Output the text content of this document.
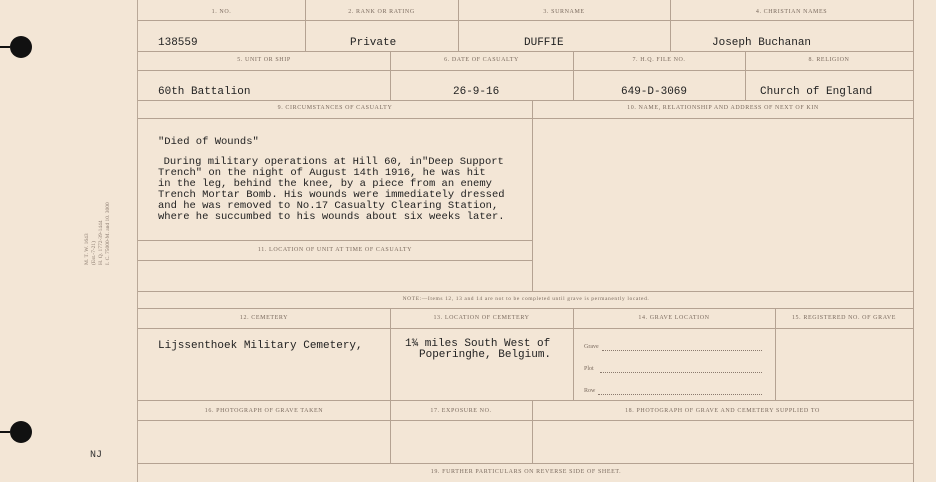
1. NO.	2. RANK OR RATING	3. SURNAME	4. CHRISTIAN NAMES
138559	Private	DUFFIE	Joseph Buchanan
5. UNIT OR SHIP	6. DATE OF CASUALTY	7. H.Q. FILE NO.	8. RELIGION
60th Battalion	26-9-16	649-D-3069	Church of England
9. CIRCUMSTANCES OF CASUALTY	10. NAME, RELATIONSHIP AND ADDRESS OF NEXT OF KIN
"Died of Wounds"
During military operations at Hill 60, in"Deep Support
Trench" on the night of August 14th 1916, he was hit
in the leg, behind the knee, by a piece from an enemy
Trench Mortar Bomb. His wounds were immediately dressed
and he was removed to No.17 Casualty Clearing Station,
where he succumbed to his wounds about six weeks later.
11. LOCATION OF UNIT AT TIME OF CASUALTY
NOTE:—Items 12, 13 and 14 are not to be completed until grave is permanently located.
12. CEMETERY	13. LOCATION OF CEMETERY	14. GRAVE LOCATION	15. REGISTERED NO. OF GRAVE
Lijssenthoek Military Cemetery,	1¾ miles South West of
Poperinghe, Belgium.
Grave
Plot
Row
16. PHOTOGRAPH OF GRAVE TAKEN	17. EXPOSURE NO.	18. PHOTOGRAPH OF GRAVE AND CEMETERY SUPPLIED TO
19. FURTHER PARTICULARS ON REVERSE SIDE OF SHEET.
M. T. W. 1643 (Est.-7-21) H. Q. 1772-39-1444 I. C. 75000-M. and 10. 3000
NJ
